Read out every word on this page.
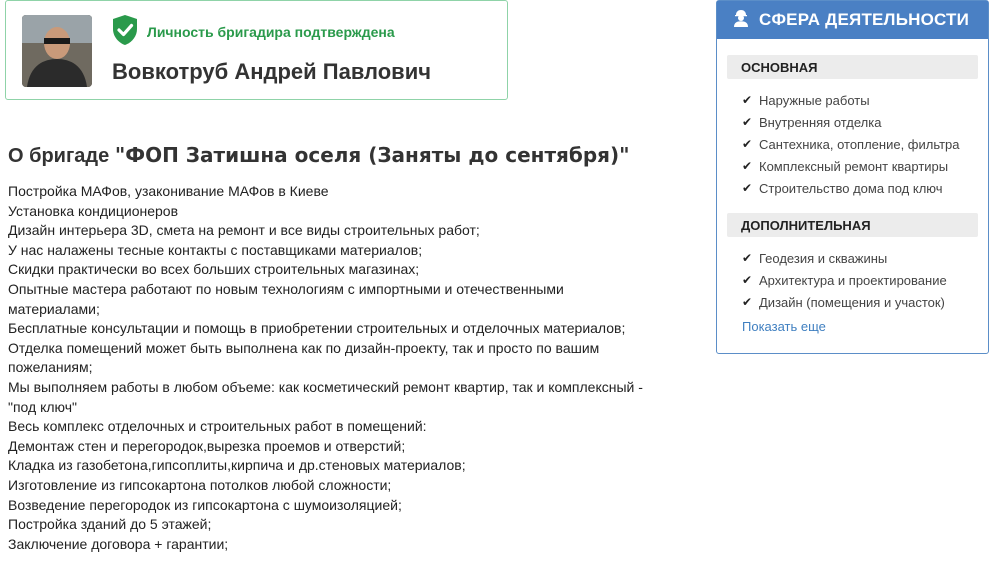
Личность бригадира подтверждена
Вовкотруб Андрей Павлович
О бригаде "ФОП Затишна оселя (Заняты до сентября)"
Постройка МАФов, узаконивание МАФов в Киеве
Установка кондиционеров
Дизайн интерьера 3D, смета на ремонт и все виды строительных работ;
У нас налажены тесные контакты с поставщиками материалов;
Скидки практически во всех больших строительных магазинах;
Опытные мастера работают по новым технологиям с импортными и отечественными материалами;
Бесплатные консультации и помощь в приобретении строительных и отделочных материалов;
Отделка помещений может быть выполнена как по дизайн-проекту, так и просто по вашим пожеланиям;
Мы выполняем работы в любом объеме: как косметический ремонт квартир, так и комплексный - "под ключ"
Весь комплекс отделочных и строительных работ в помещений:
Демонтаж стен и перегородок,вырезка проемов и отверстий;
Кладка из газобетона,гипсоплиты,кирпича и др.стеновых материалов;
Изготовление из гипсокартона потолков любой сложности;
Возведение перегородок из гипсокартона с шумоизоляцией;
Постройка зданий до 5 этажей;
Заключение договора + гарантии;
СФЕРА ДЕЯТЕЛЬНОСТИ
ОСНОВНАЯ
✔ Наружные работы
✔ Внутренняя отделка
✔ Сантехника, отопление, фильтра
✔ Комплексный ремонт квартиры
✔ Строительство дома под ключ
ДОПОЛНИТЕЛЬНАЯ
✔ Геодезия и скважины
✔ Архитектура и проектирование
✔ Дизайн (помещения и участок)
Показать еще
